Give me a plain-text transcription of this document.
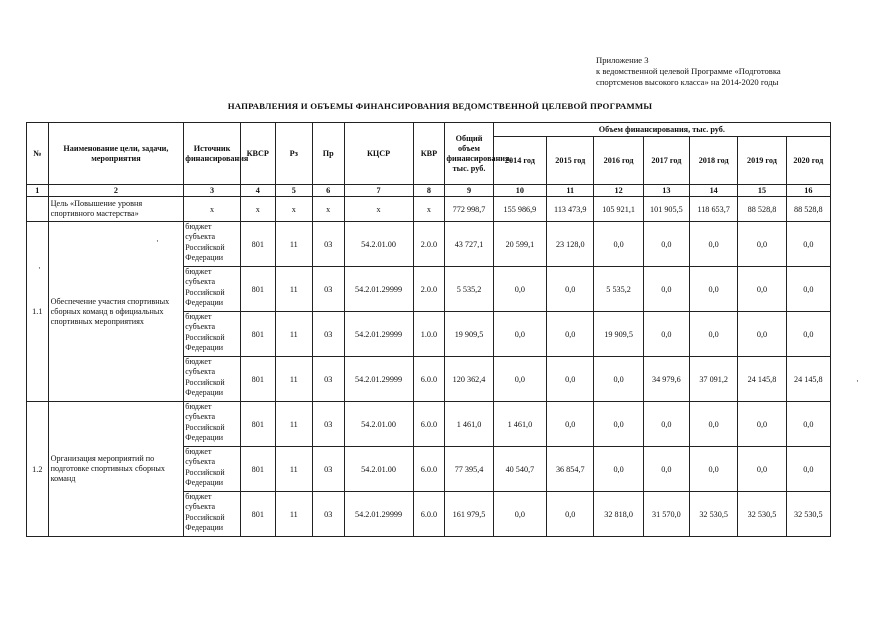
Приложение 3
к ведомственной целевой Программе «Подготовка
спортсменов высокого класса» на 2014-2020 годы
НАПРАВЛЕНИЯ И ОБЪЕМЫ ФИНАНСИРОВАНИЯ ВЕДОМСТВЕННОЙ ЦЕЛЕВОЙ ПРОГРАММЫ
·
·
·
№	Наименование цели, задачи, мероприятия	Источник финансирования	КВСР	Рз	Пр	КЦСР	КВР	Общий объем финансирования, тыс. руб.	Объем финансирования, тыс. руб.						
									2014 год	2015 год	2016 год	2017 год	2018 год	2019 год	2020 год
1	2	3	4	5	6	7	8	9	10	11	12	13	14	15	16
	Цель «Повышение уровня спортивного мастерства»	x	x	x	x	x	x	772 998,7	155 986,9	113 473,9	105 921,1	101 905,5	118 653,7	88 528,8	88 528,8
1.1	Обеспечение участия спортивных сборных команд в официальных спортивных мероприятиях	бюджет субъекта Российской Федерации	801	11	03	54.2.01.00	2.0.0	43 727,1	20 599,1	23 128,0	0,0	0,0	0,0	0,0	0,0
		бюджет субъекта Российской Федерации	801	11	03	54.2.01.29999	2.0.0	5 535,2	0,0	0,0	5 535,2	0,0	0,0	0,0	0,0
		бюджет субъекта Российской Федерации	801	11	03	54.2.01.29999	1.0.0	19 909,5	0,0	0,0	19 909,5	0,0	0,0	0,0	0,0
		бюджет субъекта Российской Федерации	801	11	03	54.2.01.29999	6.0.0	120 362,4	0,0	0,0	0,0	34 979,6	37 091,2	24 145,8	24 145,8
1.2	Организация мероприятий по подготовке спортивных сборных команд	бюджет субъекта Российской Федерации	801	11	03	54.2.01.00	6.0.0	1 461,0	1 461,0	0,0	0,0	0,0	0,0	0,0	0,0
		бюджет субъекта Российской Федерации	801	11	03	54.2.01.00	6.0.0	77 395,4	40 540,7	36 854,7	0,0	0,0	0,0	0,0	0,0
		бюджет субъекта Российской Федерации	801	11	03	54.2.01.29999	6.0.0	161 979,5	0,0	0,0	32 818,0	31 570,0	32 530,5	32 530,5	32 530,5
